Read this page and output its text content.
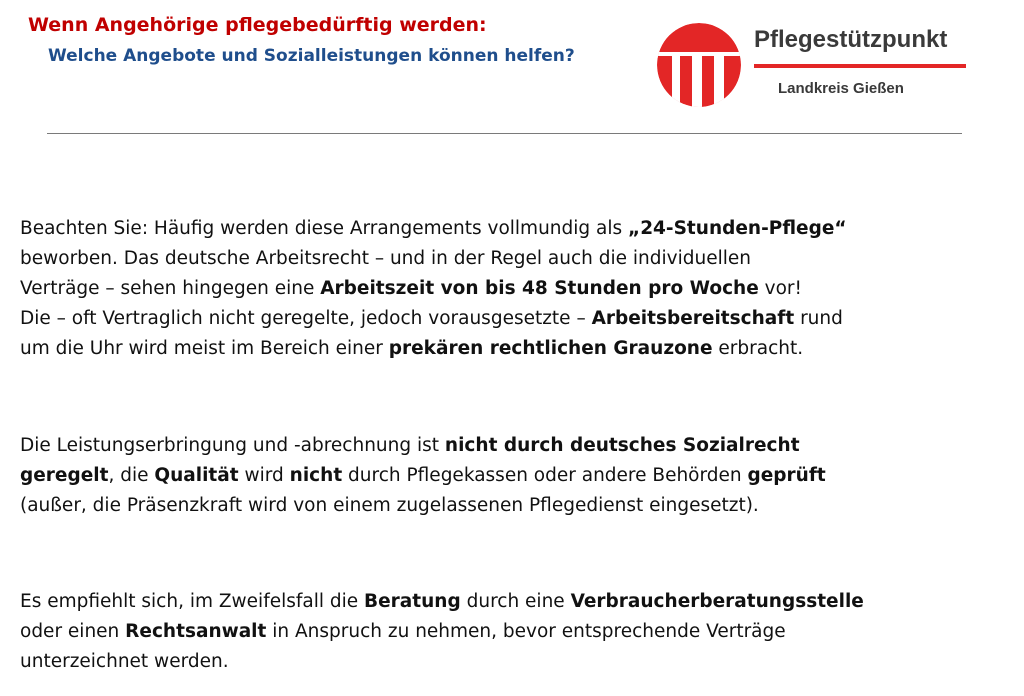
Wenn Angehörige pflegebedürftig werden:
Welche Angebote und Sozialleistungen können helfen?
Pflegestützpunkt
Landkreis Gießen
Beachten Sie: Häufig werden diese Arrangements vollmundig als „24-Stunden-Pflege“
beworben. Das deutsche Arbeitsrecht – und in der Regel auch die individuellen
Verträge – sehen hingegen eine Arbeitszeit von bis 48 Stunden pro Woche vor!
Die – oft Vertraglich nicht geregelte, jedoch vorausgesetzte – Arbeitsbereitschaft rund
um die Uhr wird meist im Bereich einer prekären rechtlichen Grauzone erbracht.
Die Leistungserbringung und -abrechnung ist nicht durch deutsches Sozialrecht
geregelt, die Qualität wird nicht durch Pflegekassen oder andere Behörden geprüft
(außer, die Präsenzkraft wird von einem zugelassenen Pflegedienst eingesetzt).
Es empfiehlt sich, im Zweifelsfall die Beratung durch eine Verbraucherberatungsstelle
oder einen Rechtsanwalt in Anspruch zu nehmen, bevor entsprechende Verträge
unterzeichnet werden.
